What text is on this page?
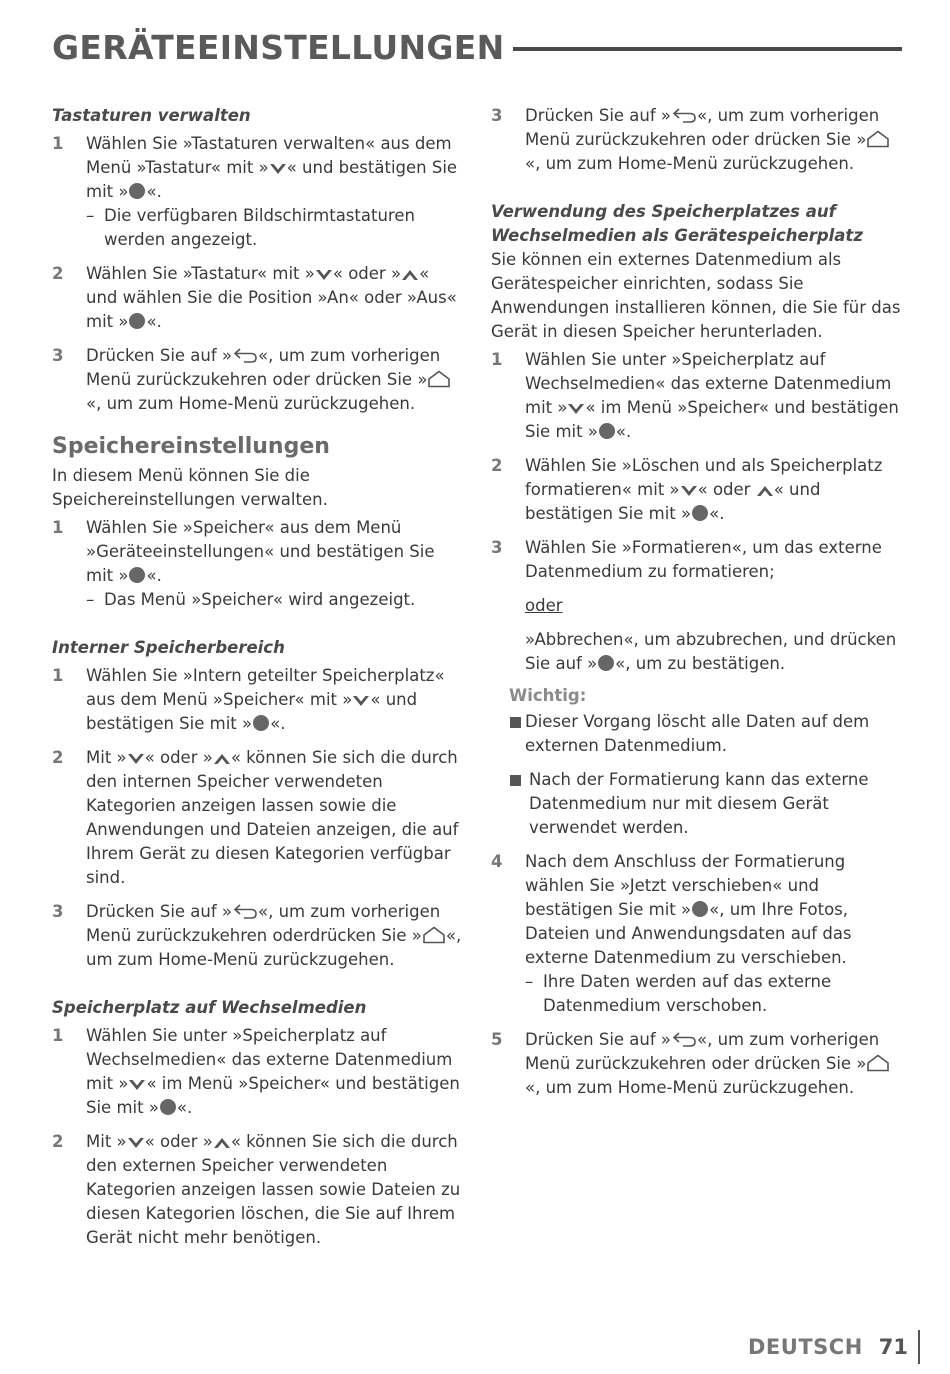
GERÄTEEINSTELLUNGEN
Tastaturen verwalten
1	Wählen Sie »Tastaturen verwalten« aus dem Menü »Tastatur« mit » « und bestätigen Sie mit » «.
– Die verfügbaren Bildschirmtastaturen werden angezeigt.
2	Wählen Sie »Tastatur« mit » « oder » « und wählen Sie die Position »An« oder »Aus« mit » «.
3	Drücken Sie auf » «, um zum vorherigen Menü zurückzukehren oder drücken Sie »«, um zum Home-Menü zurückzugehen.
Speichereinstellungen
In diesem Menü können Sie die Speichereinstellungen verwalten.
1	Wählen Sie »Speicher« aus dem Menü »Geräteeinstellungen« und bestätigen Sie mit » «.
– Das Menü »Speicher« wird angezeigt.
Interner Speicherbereich
1	Wählen Sie »Intern geteilter Speicherplatz« aus dem Menü »Speicher« mit » « und bestätigen Sie mit » «.
2	Mit » « oder » « können Sie sich die durch den internen Speicher verwendeten Kategorien anzeigen lassen sowie die Anwendungen und Dateien anzeigen, die auf Ihrem Gerät zu diesen Kategorien verfügbar sind.
3	Drücken Sie auf » «, um zum vorherigen Menü zurückzukehren oderdrücken Sie » «, um zum Home-Menü zurückzugehen.
Speicherplatz auf Wechselmedien
1	Wählen Sie unter »Speicherplatz auf Wechselmedien« das externe Datenmedium mit » « im Menü »Speicher« und bestätigen Sie mit » «.
2	Mit » « oder » « können Sie sich die durch den externen Speicher verwendeten Kategorien anzeigen lassen sowie Dateien zu diesen Kategorien löschen, die Sie auf Ihrem Gerät nicht mehr benötigen.
3	Drücken Sie auf » «, um zum vorherigen Menü zurückzukehren oder drücken Sie »«, um zum Home-Menü zurückzugehen.
Verwendung des Speicherplatzes auf Wechselmedien als Gerätespeicherplatz
Sie können ein externes Datenmedium als Gerätespeicher einrichten, sodass Sie Anwendungen installieren können, die Sie für das Gerät in diesen Speicher herunterladen.
1	Wählen Sie unter »Speicherplatz auf Wechselmedien« das externe Datenmedium mit » « im Menü »Speicher« und bestätigen Sie mit » «.
2	Wählen Sie »Löschen und als Speicherplatz formatieren« mit » « oder « und bestätigen Sie mit » «.
3	Wählen Sie »Formatieren«, um das externe Datenmedium zu formatieren;
oder
»Abbrechen«, um abzubrechen, und drücken Sie auf » «, um zu bestätigen.
Wichtig:
Dieser Vorgang löscht alle Daten auf dem externen Datenmedium.
Nach der Formatierung kann das externe Datenmedium nur mit diesem Gerät verwendet werden.
4	Nach dem Anschluss der Formatierung wählen Sie »Jetzt verschieben« und bestätigen Sie mit » «, um Ihre Fotos, Dateien und Anwendungsdaten auf das externe Datenmedium zu verschieben.
– Ihre Daten werden auf das externe Datenmedium verschoben.
5	Drücken Sie auf » «, um zum vorherigen Menü zurückzukehren oder drücken Sie »«, um zum Home-Menü zurückzugehen.
DEUTSCH 71
